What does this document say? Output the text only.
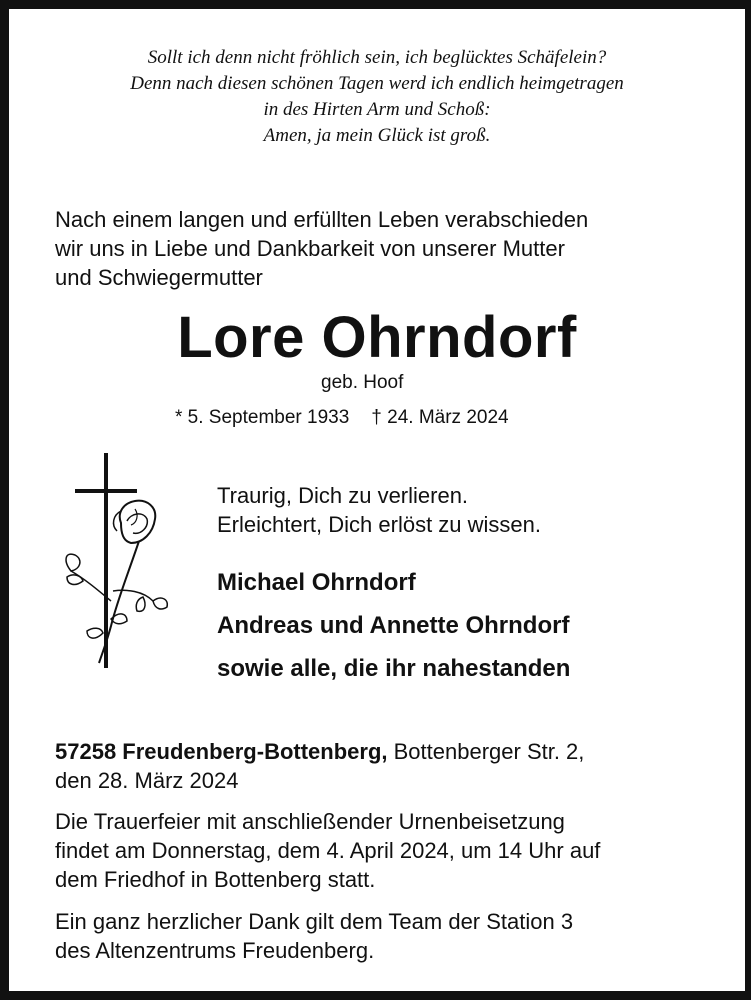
Sollt ich denn nicht fröhlich sein, ich beglücktes Schäfelein?
Denn nach diesen schönen Tagen werd ich endlich heimgetragen
in des Hirten Arm und Schoß:
Amen, ja mein Glück ist groß.
Nach einem langen und erfüllten Leben verabschieden
wir uns in Liebe und Dankbarkeit von unserer Mutter
und Schwiegermutter
Lore Ohrndorf
geb. Hoof
* 5. September 1933 † 24. März 2024
Traurig, Dich zu verlieren.
Erleichtert, Dich erlöst zu wissen.
Michael Ohrndorf
Andreas und Annette Ohrndorf
sowie alle, die ihr nahestanden
57258 Freudenberg-Bottenberg, Bottenberger Str. 2,
den 28. März 2024
Die Trauerfeier mit anschließender Urnenbeisetzung
findet am Donnerstag, dem 4. April 2024, um 14 Uhr auf
dem Friedhof in Bottenberg statt.
Ein ganz herzlicher Dank gilt dem Team der Station 3
des Altenzentrums Freudenberg.
